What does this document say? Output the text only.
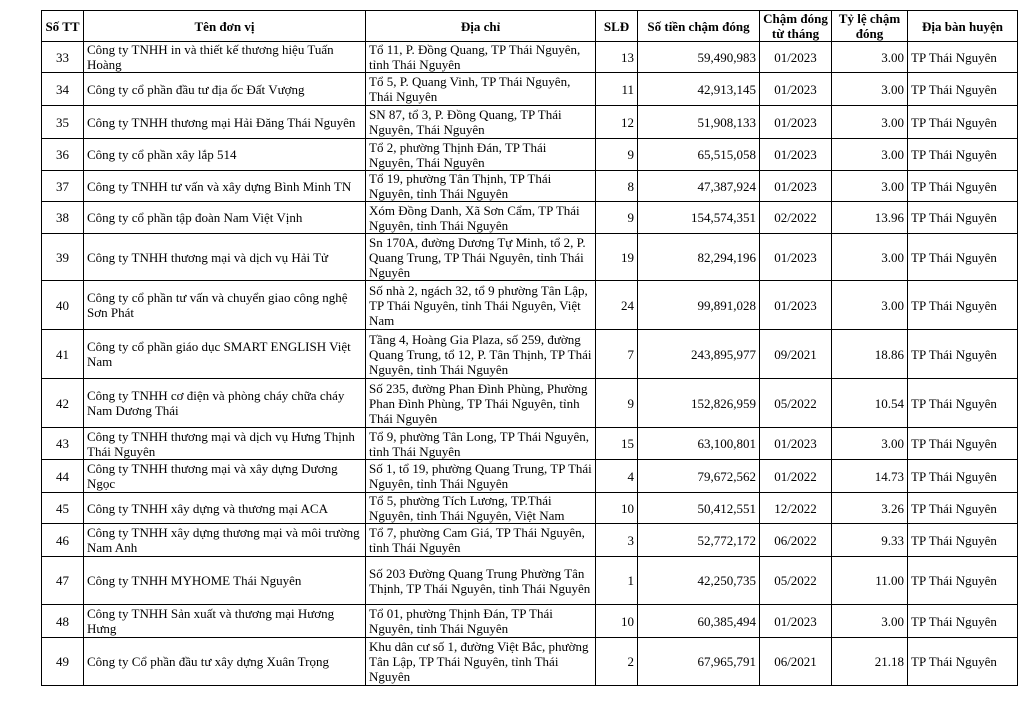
Số TT	Tên đơn vị	Địa chỉ	SLĐ	Số tiền chậm đóng	Chậm đóng từ tháng	Tỷ lệ chậm đóng	Địa bàn huyện
33	Công ty TNHH in và thiết kế thương hiệu Tuấn Hoàng	Tổ 11, P. Đồng Quang, TP Thái Nguyên, tỉnh Thái Nguyên	13	59,490,983	01/2023	3.00	TP Thái Nguyên
34	Công ty cổ phần đầu tư địa ốc Đất Vượng	Tổ 5, P. Quang Vinh, TP Thái Nguyên, Thái Nguyên	11	42,913,145	01/2023	3.00	TP Thái Nguyên
35	Công ty TNHH thương mại Hải Đăng Thái Nguyên	SN 87, tổ 3, P. Đồng Quang, TP Thái Nguyên, Thái Nguyên	12	51,908,133	01/2023	3.00	TP Thái Nguyên
36	Công ty cổ phần xây lắp 514	Tổ 2, phường Thịnh Đán, TP Thái Nguyên, Thái Nguyên	9	65,515,058	01/2023	3.00	TP Thái Nguyên
37	Công ty TNHH tư vấn và xây dựng Bình Minh TN	Tổ 19, phường Tân Thịnh, TP Thái Nguyên, tỉnh Thái Nguyên	8	47,387,924	01/2023	3.00	TP Thái Nguyên
38	Công ty cổ phần tập đoàn Nam Việt Vịnh	Xóm Đồng Danh, Xã Sơn Cẩm, TP Thái Nguyên, tỉnh Thái Nguyên	9	154,574,351	02/2022	13.96	TP Thái Nguyên
39	Công ty TNHH thương mại và dịch vụ Hải Tử	Sn 170A, đường Dương Tự Minh, tổ 2, P. Quang Trung, TP Thái Nguyên, tỉnh Thái Nguyên	19	82,294,196	01/2023	3.00	TP Thái Nguyên
40	Công ty cổ phần tư vấn và chuyển giao công nghệ Sơn Phát	Số nhà 2, ngách 32, tổ 9 phường Tân Lập, TP Thái Nguyên, tỉnh Thái Nguyên, Việt Nam	24	99,891,028	01/2023	3.00	TP Thái Nguyên
41	Công ty cổ phần giáo dục SMART ENGLISH Việt Nam	Tầng 4, Hoàng Gia Plaza, số 259, đường Quang Trung, tổ 12, P. Tân Thịnh, TP Thái Nguyên, tỉnh Thái Nguyên	7	243,895,977	09/2021	18.86	TP Thái Nguyên
42	Công ty TNHH cơ điện và phòng cháy chữa cháy Nam Dương Thái	Số 235, đường Phan Đình Phùng, Phường Phan Đình Phùng, TP Thái Nguyên, tỉnh Thái Nguyên	9	152,826,959	05/2022	10.54	TP Thái Nguyên
43	Công ty TNHH thương mại và dịch vụ Hưng Thịnh Thái Nguyên	Tổ 9, phường Tân Long, TP Thái Nguyên, tỉnh Thái Nguyên	15	63,100,801	01/2023	3.00	TP Thái Nguyên
44	Công ty TNHH thương mại và xây dựng Dương Ngọc	Số 1, tổ 19, phường Quang Trung, TP Thái Nguyên, tỉnh Thái Nguyên	4	79,672,562	01/2022	14.73	TP Thái Nguyên
45	Công ty TNHH xây dựng và thương mại ACA	Tổ 5, phường Tích Lương, TP.Thái Nguyên, tỉnh Thái Nguyên, Việt Nam	10	50,412,551	12/2022	3.26	TP Thái Nguyên
46	Công ty TNHH xây dựng thương mại và môi trường Nam Anh	Tổ 7, phường Cam Giá, TP Thái Nguyên, tỉnh Thái Nguyên	3	52,772,172	06/2022	9.33	TP Thái Nguyên
47	Công ty TNHH MYHOME Thái Nguyên	Số 203 Đường Quang Trung Phường Tân Thịnh, TP Thái Nguyên, tỉnh Thái Nguyên	1	42,250,735	05/2022	11.00	TP Thái Nguyên
48	Công ty TNHH Sản xuất và thương mại Hương Hưng	Tổ 01, phường Thịnh Đán, TP Thái Nguyên, tỉnh Thái Nguyên	10	60,385,494	01/2023	3.00	TP Thái Nguyên
49	Công ty Cổ phần đầu tư xây dựng Xuân Trọng	Khu dân cư số 1, đường Việt Bắc, phường Tân Lập, TP Thái Nguyên, tỉnh Thái Nguyên	2	67,965,791	06/2021	21.18	TP Thái Nguyên
